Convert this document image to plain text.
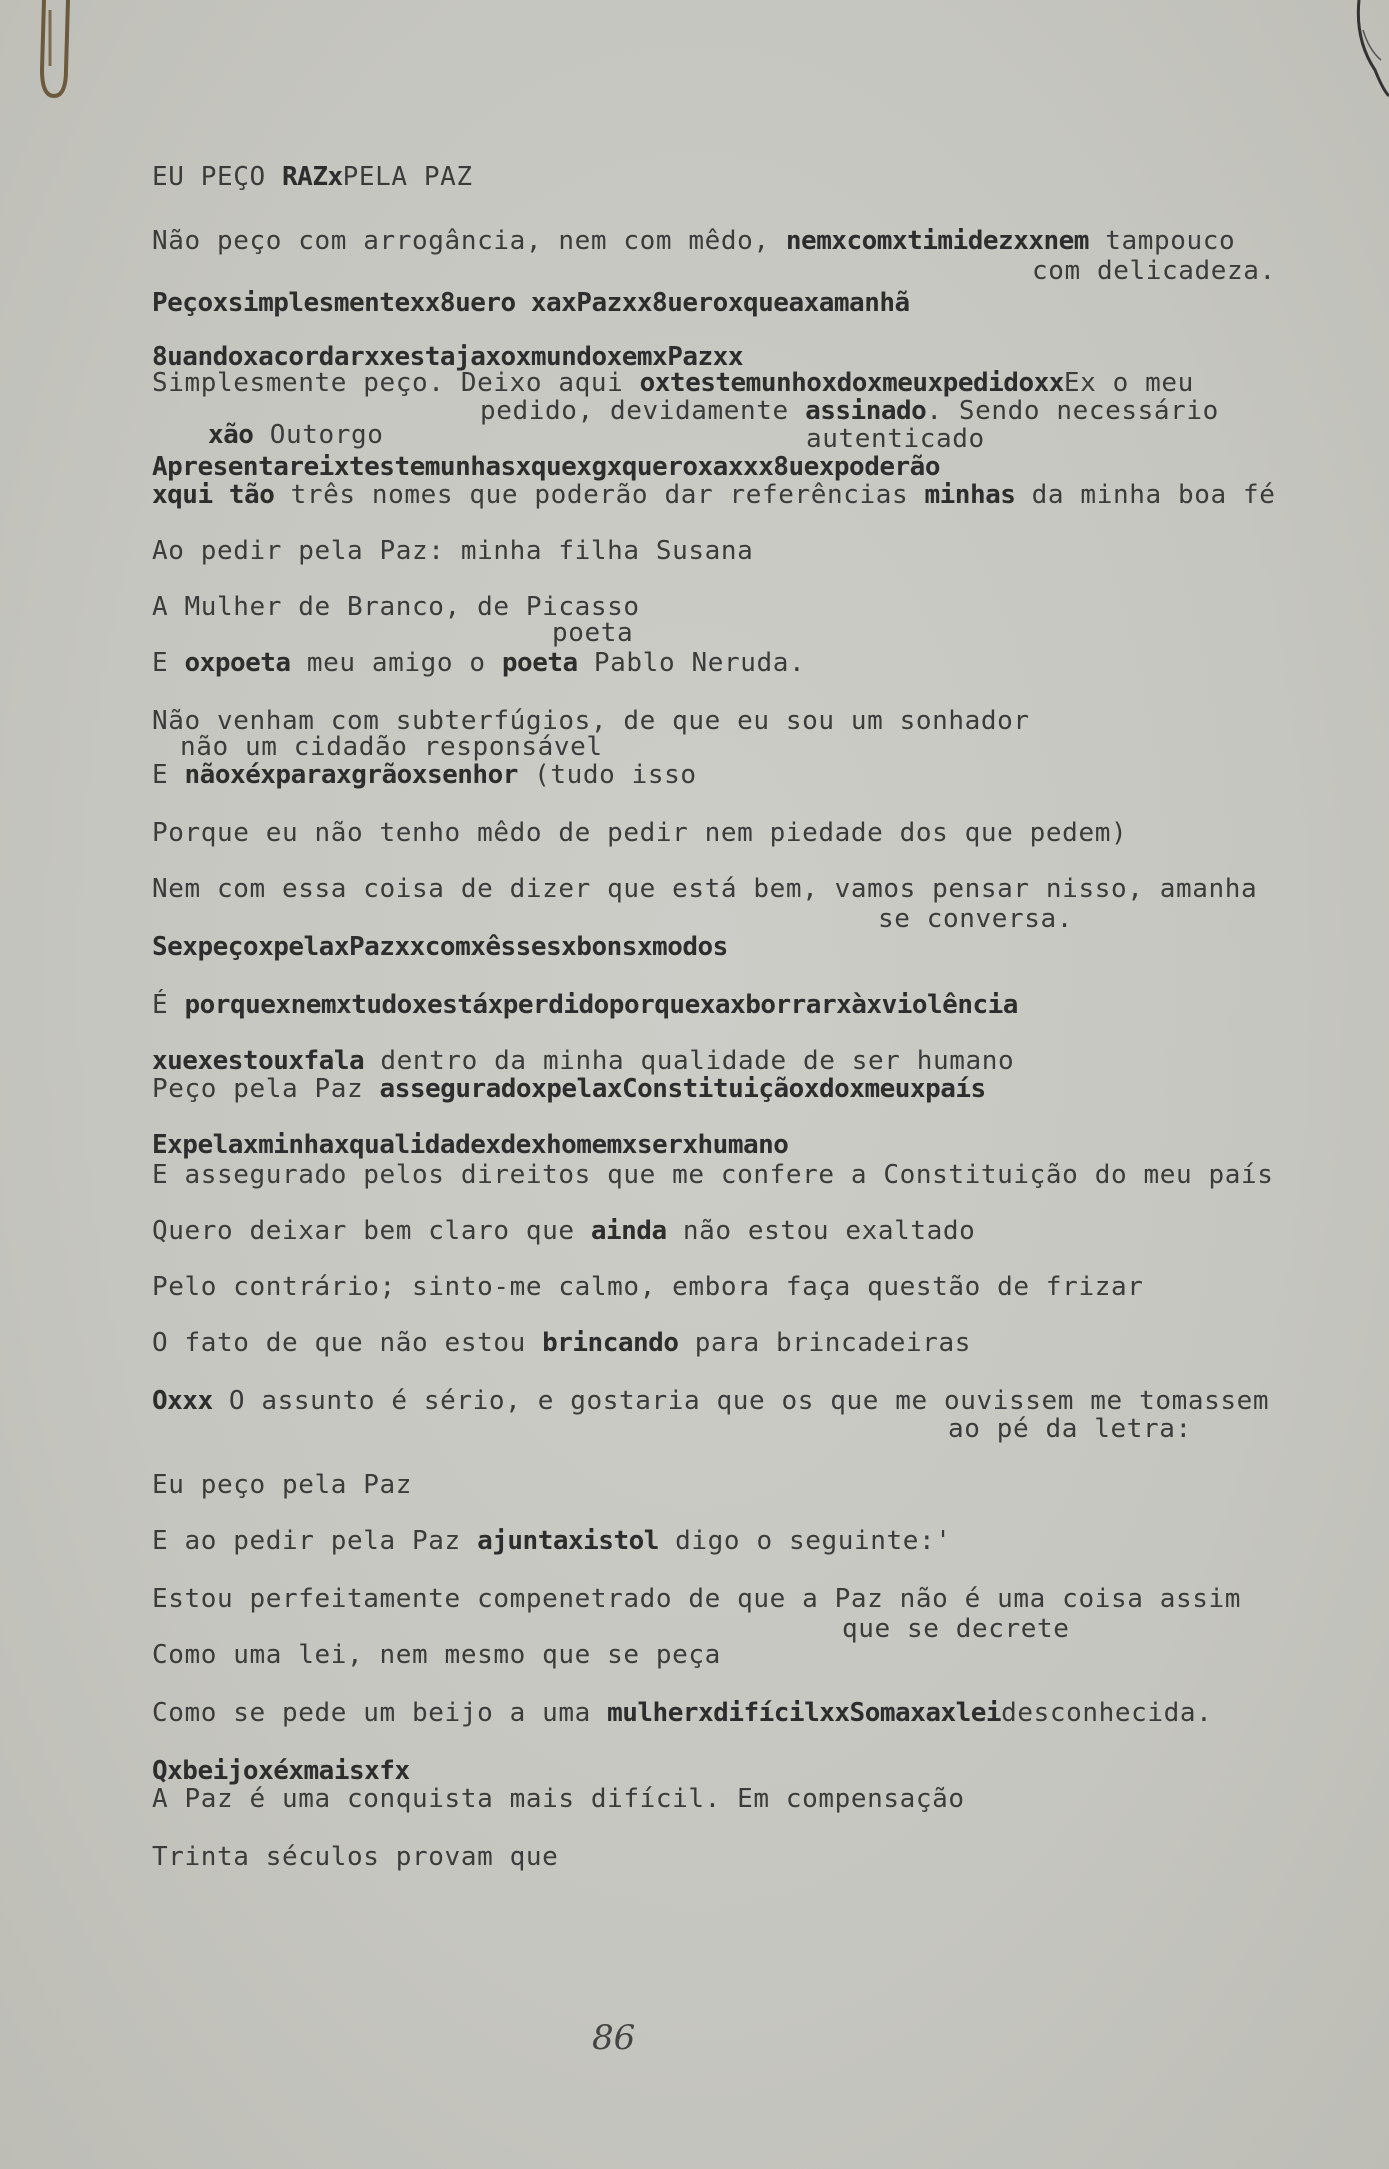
EU PEÇO RAZxPELA PAZ
Não peço com arrogância, nem com mêdo, nemxcomxtimidezxxnem tampouco
com delicadeza.
Peçoxsimplesmentexx8uero xaxPazxx8ueroxqueaxamanhã
8uandoxacordarxxestajaxoxmundoxemxPazxx
Simplesmente peço. Deixo aqui oxtestemunhoxdoxmeuxpedidoxxEx o meu
pedido, devidamente assinado. Sendo necessário
xão Outorgo	autenticado
Apresentareixtestemunhasxquexgxqueroxaxxx8uexpoderão
xqui tão três nomes que poderão dar referências minhas da minha boa fé
Ao pedir pela Paz: minha filha Susana
A Mulher de Branco, de Picasso
poeta
E oxpoeta meu amigo o poeta Pablo Neruda.
Não venham com subterfúgios, de que eu sou um sonhador
não um cidadão responsável
E nãoxéxparaxgrãoxsenhor (tudo isso
Porque eu não tenho mêdo de pedir nem piedade dos que pedem)
Nem com essa coisa de dizer que está bem, vamos pensar nisso, amanha
se conversa.
SexpeçoxpelaxPazxxcomxêssesxbonsxmodos
É porquexnemxtudoxestáxperdidoporquexaxborrarxàxviolência
xuexestouxfala dentro da minha qualidade de ser humano
Peço pela Paz asseguradoxpelaxConstituiçãoxdoxmeuxpaís
Expelaxminhaxqualidadexdexhomemxserxhumano
E assegurado pelos direitos que me confere a Constituição do meu país
Quero deixar bem claro que ainda não estou exaltado
Pelo contrário; sinto-me calmo, embora faça questão de frizar
O fato de que não estou brincando para brincadeiras
Oxxx O assunto é sério, e gostaria que os que me ouvissem me tomassem
ao pé da letra:
Eu peço pela Paz
E ao pedir pela Paz ajuntaxistol digo o seguinte:'
Estou perfeitamente compenetrado de que a Paz não é uma coisa assim
que se decrete
Como uma lei, nem mesmo que se peça
Como se pede um beijo a uma mulherxdifícilxxSomaxaxleidesconhecida.
Qxbeijoxéxmaisxfx
A Paz é uma conquista mais difícil. Em compensação
Trinta séculos provam que
86
